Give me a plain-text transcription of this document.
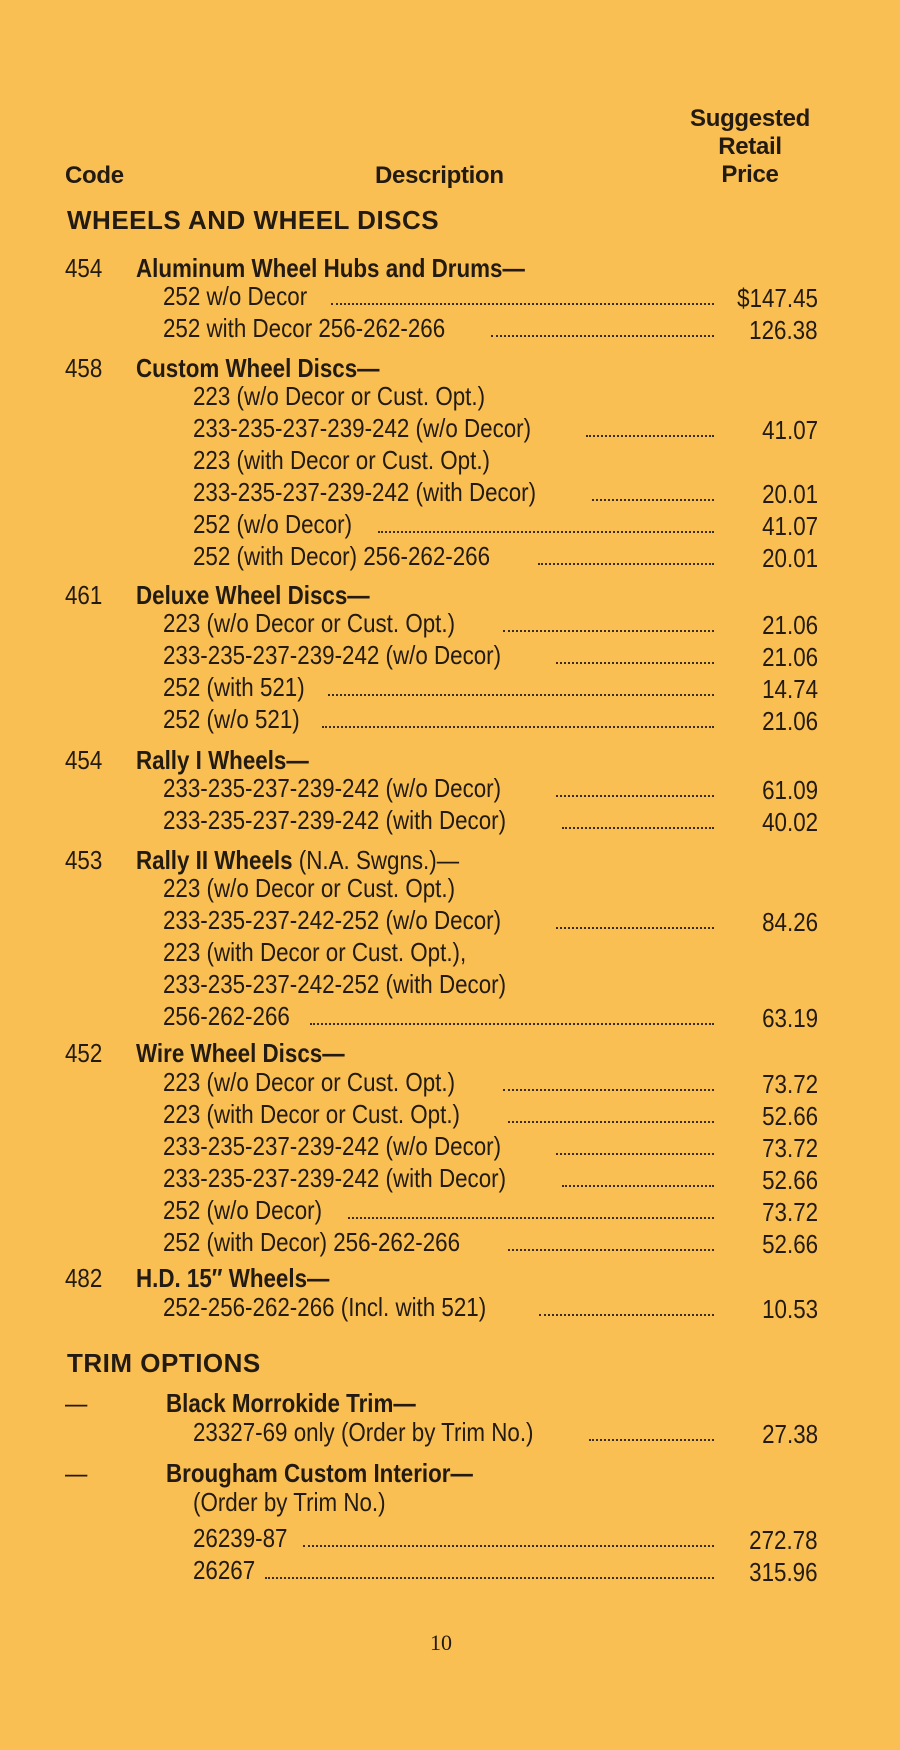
Code	Description
Suggested
Retail
Price
WHEELS AND WHEEL DISCS
454 Aluminum Wheel Hubs and Drums—
252 w/o Decor	$147.45
252 with Decor 256-262-266	126.38
458 Custom Wheel Discs—
223 (w/o Decor or Cust. Opt.)
233-235-237-239-242 (w/o Decor)	41.07
223 (with Decor or Cust. Opt.)
233-235-237-239-242 (with Decor)	20.01
252 (w/o Decor)	41.07
252 (with Decor) 256-262-266	20.01
461 Deluxe Wheel Discs—
223 (w/o Decor or Cust. Opt.)	21.06
233-235-237-239-242 (w/o Decor)	21.06
252 (with 521)	14.74
252 (w/o 521)	21.06
454 Rally I Wheels—
233-235-237-239-242 (w/o Decor)	61.09
233-235-237-239-242 (with Decor)	40.02
453 Rally II Wheels (N.A. Swgns.)—
223 (w/o Decor or Cust. Opt.)
233-235-237-242-252 (w/o Decor)	84.26
223 (with Decor or Cust. Opt.),
233-235-237-242-252 (with Decor)
256-262-266	63.19
452 Wire Wheel Discs—
223 (w/o Decor or Cust. Opt.)	73.72
223 (with Decor or Cust. Opt.)	52.66
233-235-237-239-242 (w/o Decor)	73.72
233-235-237-239-242 (with Decor)	52.66
252 (w/o Decor)	73.72
252 (with Decor) 256-262-266	52.66
482 H.D. 15″ Wheels—
252-256-262-266 (Incl. with 521)	10.53
TRIM OPTIONS
—	Black Morrokide Trim—
23327-69 only (Order by Trim No.)	27.38
—	Brougham Custom Interior—
(Order by Trim No.)
26239-87	272.78
26267	315.96
10
